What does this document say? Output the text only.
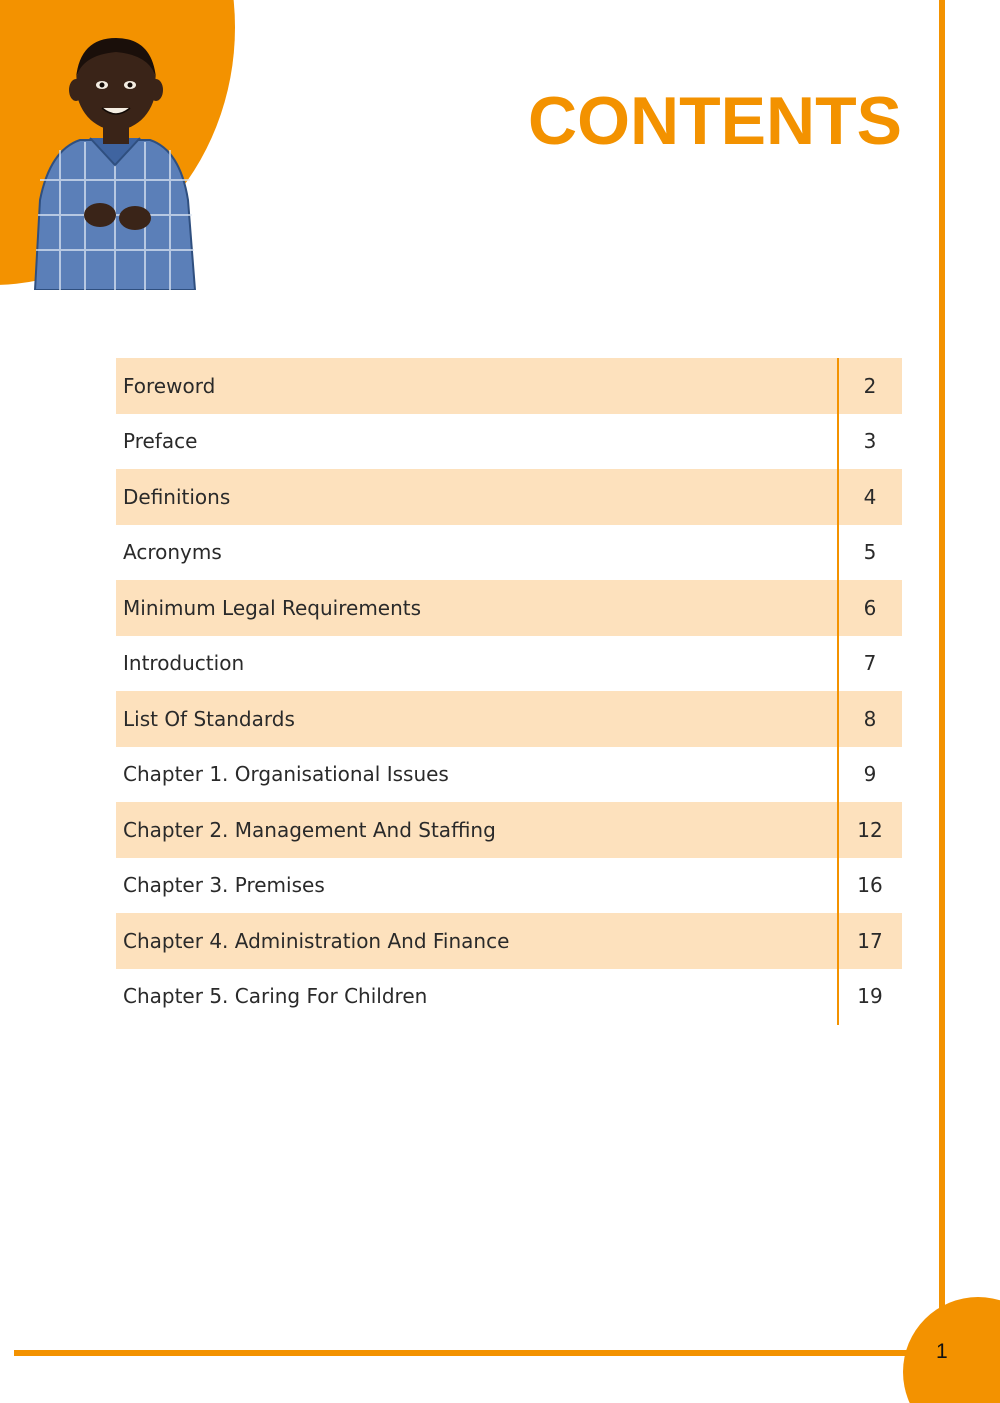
CONTENTS
Foreword	2
Preface	3
Definitions	4
Acronyms	5
Minimum Legal Requirements	6
Introduction	7
List Of Standards	8
Chapter 1. Organisational Issues	9
Chapter 2. Management And Staffing	12
Chapter 3. Premises	16
Chapter 4. Administration And Finance	17
Chapter 5. Caring For Children	19
1
